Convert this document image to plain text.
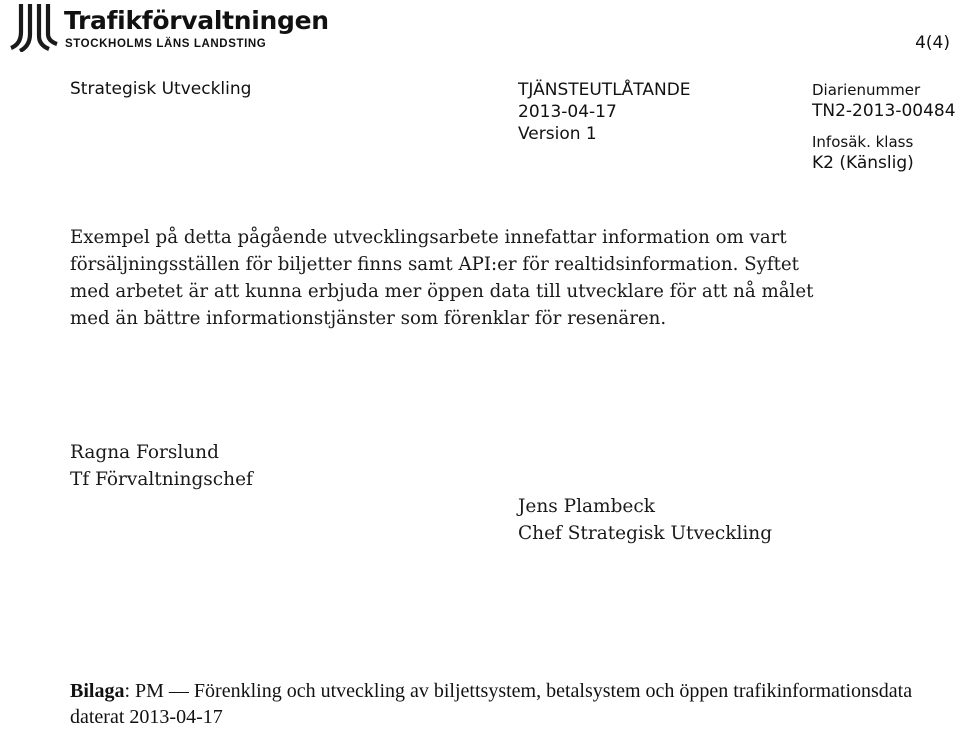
Trafikförvaltningen
STOCKHOLMS LÄNS LANDSTING	4(4)
Strategisk Utveckling	TJÄNSTEUTLÅTANDE
2013-04-17
Version 1
Diarienummer
TN2-2013-00484
Infosäk. klass
K2 (Känslig)
Exempel på detta pågående utvecklingsarbete innefattar information om vart försäljningsställen för biljetter finns samt API:er för realtidsinformation. Syftet med arbetet är att kunna erbjuda mer öppen data till utvecklare för att nå målet med än bättre informationstjänster som förenklar för resenären.
Ragna Forslund
Tf Förvaltningschef
Jens Plambeck
Chef Strategisk Utveckling
Bilaga: PM — Förenkling och utveckling av biljettsystem, betalsystem och öppen trafikinformationsdata daterat 2013-04-17
